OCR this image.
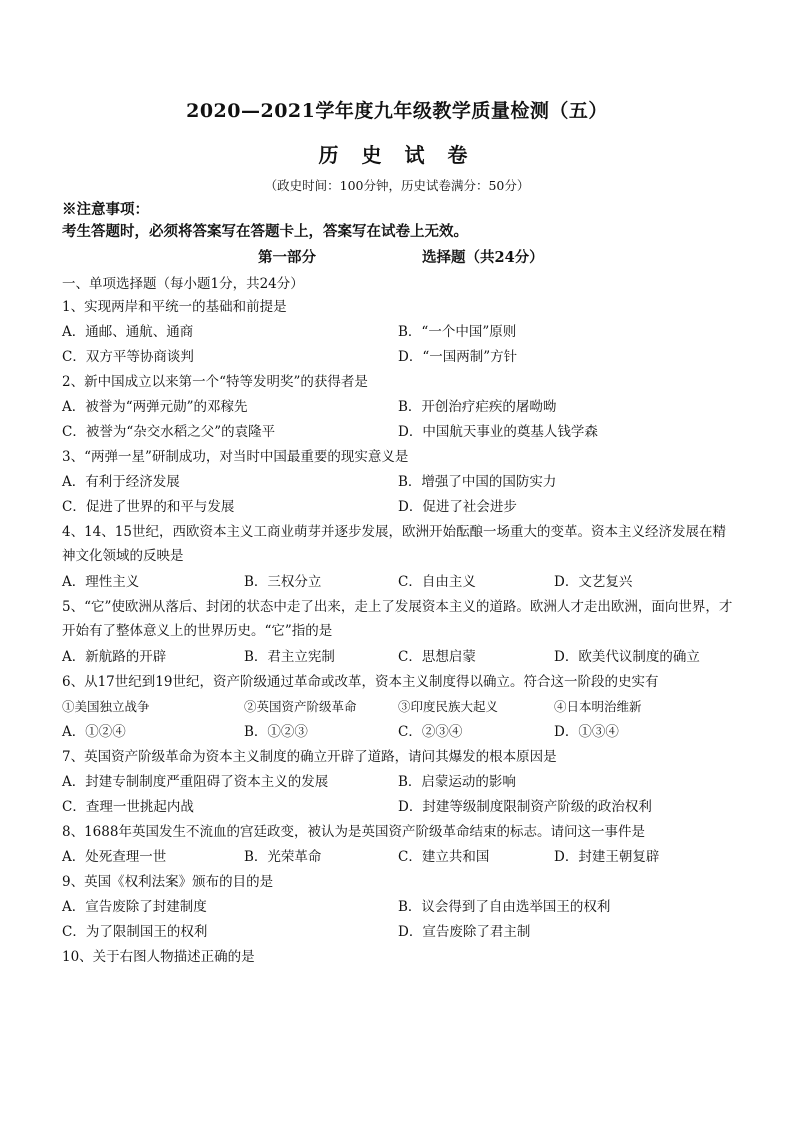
2020—2021学年度九年级教学质量检测（五）
历 史 试 卷
（政史时间：100分钟，历史试卷满分：50分）
※注意事项：
考生答题时，必须将答案写在答题卡上，答案写在试卷上无效。
第一部分	选择题（共24分）
一、单项选择题（每小题1分，共24分）
1、实现两岸和平统一的基础和前提是
A．通邮、通航、通商	B．“一个中国”原则
C．双方平等协商谈判	D．“一国两制”方针
2、新中国成立以来第一个“特等发明奖”的获得者是
A．被誉为“两弹元勋”的邓稼先	B．开创治疗疟疾的屠呦呦
C．被誉为“杂交水稻之父”的袁隆平	D．中国航天事业的奠基人钱学森
3、“两弹一星”研制成功，对当时中国最重要的现实意义是
A．有利于经济发展	B．增强了中国的国防实力
C．促进了世界的和平与发展	D．促进了社会进步
4、14、15世纪，西欧资本主义工商业萌芽并逐步发展，欧洲开始酝酿一场重大的变革。资本主义经济发展在精神文化领域的反映是
A．理性主义	B．三权分立	C．自由主义	D．文艺复兴
5、“它”使欧洲从落后、封闭的状态中走了出来，走上了发展资本主义的道路。欧洲人才走出欧洲，面向世界，才开始有了整体意义上的世界历史。“它”指的是
A．新航路的开辟	B．君主立宪制	C．思想启蒙	D．欧美代议制度的确立
6、从17世纪到19世纪，资产阶级通过革命或改革，资本主义制度得以确立。符合这一阶段的史实有
①美国独立战争	②英国资产阶级革命	③印度民族大起义	④日本明治维新
A．①②④	B．①②③	C．②③④	D．①③④
7、英国资产阶级革命为资本主义制度的确立开辟了道路，请问其爆发的根本原因是
A．封建专制制度严重阻碍了资本主义的发展	B．启蒙运动的影响
C．查理一世挑起内战	D．封建等级制度限制资产阶级的政治权利
8、1688年英国发生不流血的宫廷政变，被认为是英国资产阶级革命结束的标志。请问这一事件是
A．处死查理一世	B．光荣革命	C．建立共和国	D．封建王朝复辟
9、英国《权利法案》颁布的目的是
A．宣告废除了封建制度	B．议会得到了自由选举国王的权利
C．为了限制国王的权利	D．宣告废除了君主制
10、关于右图人物描述正确的是
